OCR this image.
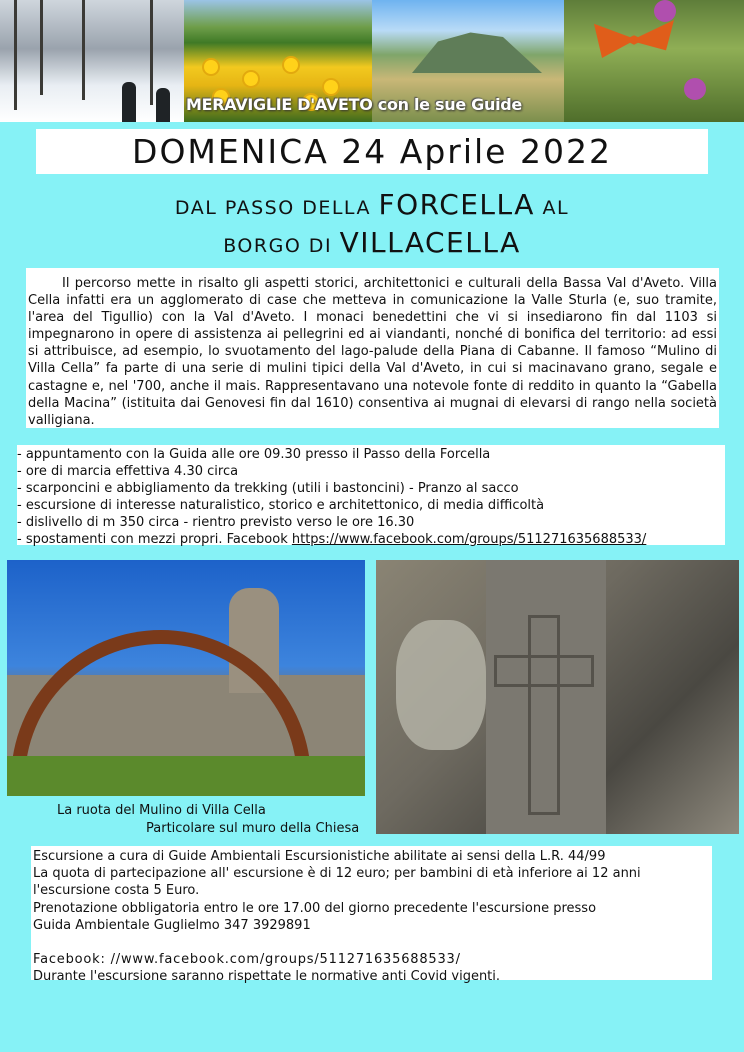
MERAVIGLIE D'AVETO con le sue Guide
DOMENICA 24 Aprile 2022
DAL PASSO DELLA FORCELLA AL
BORGO DI VILLACELLA
Il percorso mette in risalto gli aspetti storici, architettonici e culturali della Bassa Val d'Aveto. Villa Cella infatti era un agglomerato di case che metteva in comunicazione la Valle Sturla (e, suo tramite, l'area del Tigullio) con la Val d'Aveto. I monaci benedettini che vi si insediarono fin dal 1103 si impegnarono in opere di assistenza ai pellegrini ed ai viandanti, nonché di bonifica del territorio: ad essi si attribuisce, ad esempio, lo svuotamento del lago-palude della Piana di Cabanne. Il famoso “Mulino di Villa Cella” fa parte di una serie di mulini tipici della Val d'Aveto, in cui si macinavano grano, segale e castagne e, nel '700, anche il mais. Rappresentavano una notevole fonte di reddito in quanto la “Gabella della Macina” (istituita dai Genovesi fin dal 1610) consentiva ai mugnai di elevarsi di rango nella società valligiana.
- appuntamento con la Guida alle ore 09.30 presso il Passo della Forcella
- ore di marcia effettiva 4.30 circa
- scarponcini e abbigliamento da trekking (utili i bastoncini) - Pranzo al sacco
- escursione di interesse naturalistico, storico e architettonico, di media difficoltà
- dislivello di m 350 circa - rientro previsto verso le ore 16.30
- spostamenti con mezzi propri. Facebook https://www.facebook.com/groups/511271635688533/
La ruota del Mulino di Villa Cella
Particolare sul muro della Chiesa
Escursione a cura di Guide Ambientali Escursionistiche abilitate ai sensi della L.R. 44/99
La quota di partecipazione all' escursione è di 12 euro; per bambini di età inferiore ai 12 anni l'escursione costa 5 Euro.
Prenotazione obbligatoria entro le ore 17.00 del giorno precedente l'escursione presso
Guida Ambientale Guglielmo 347 3929891
Facebook: //www.facebook.com/groups/511271635688533/
Durante l'escursione saranno rispettate le normative anti Covid vigenti.
